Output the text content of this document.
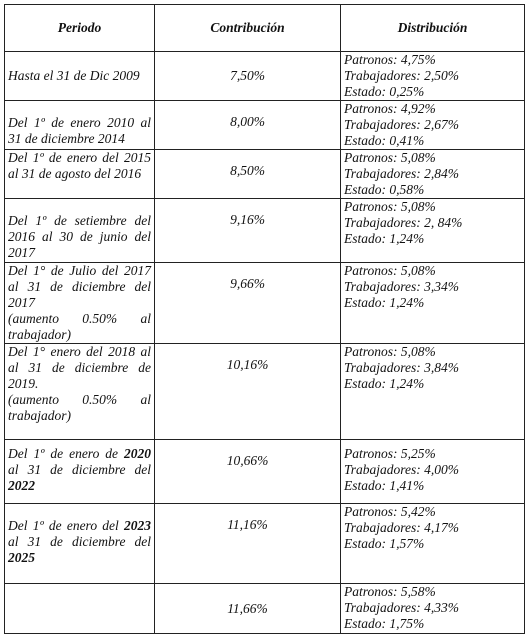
Periodo	Contribución	Distribución

Hasta el 31 de Dic 2009	7,50%	Patronos: 4,75%
Trabajadores: 2,50%
Estado: 0,25%

Del 1º de enero 2010 al
31 de diciembre 2014	8,00%	Patronos: 4,92%
Trabajadores: 2,67%
Estado: 0,41%

Del 1º de enero del 2015
al 31 de agosto del 2016	8,50%	Patronos: 5,08%
Trabajadores: 2,84%
Estado: 0,58%

Del 1º de setiembre del
2016 al 30 de junio del
2017	9,16%	Patronos: 5,08%
Trabajadores: 2, 84%
Estado: 1,24%

Del 1° de Julio del 2017
al 31 de diciembre del
2017
(aumento 0.50% al
trabajador)	9,66%	Patronos: 5,08%
Trabajadores: 3,34%
Estado: 1,24%

Del 1° enero del 2018 al
al 31 de diciembre de
2019.
(aumento 0.50% al
trabajador)	10,16%	Patronos: 5,08%
Trabajadores: 3,84%
Estado: 1,24%

Del 1º de enero de 2020
al 31 de diciembre del
2022	10,66%	Patronos: 5,25%
Trabajadores: 4,00%
Estado: 1,41%

Del 1º de enero del 2023
al 31 de diciembre del
2025	11,16%	Patronos: 5,42%
Trabajadores: 4,17%
Estado: 1,57%

	11,66%	Patronos: 5,58%
Trabajadores: 4,33%
Estado: 1,75%
